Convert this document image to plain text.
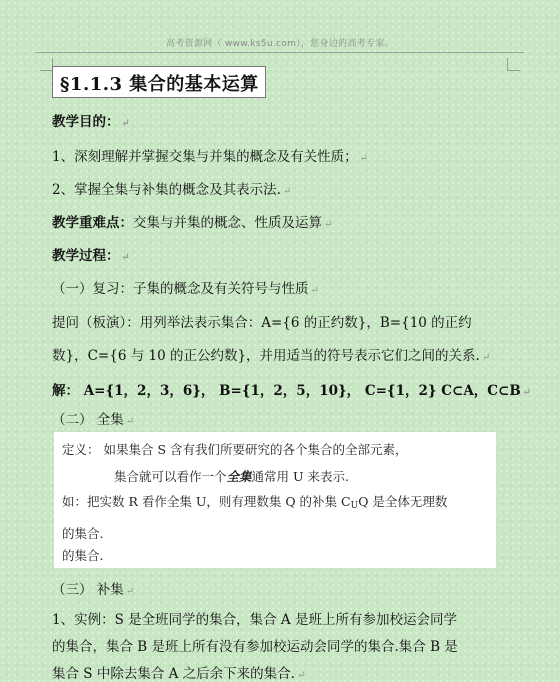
高考资源网（ www.ks5u.com），您身边的高考专家。
§1.1.3 集合的基本运算
教学目的： ↵
1、深刻理解并掌握交集与并集的概念及有关性质； ↵
2、掌握全集与补集的概念及其表示法. ↵
教学重难点：交集与并集的概念、性质及运算 ↵
教学过程： ↵
（一）复习：子集的概念及有关符号与性质 ↵
提问（板演）：用列举法表示集合：A={6 的正约数}，B={10 的正约
数}，C={6 与 10 的正公约数}，并用适当的符号表示它们之间的关系. ↵
解： A={1，2，3，6}， B={1，2，5，10}， C={1，2} C⊂A，C⊂B ↵
（二） 全集 ↵
定义： 如果集合 S 含有我们所要研究的各个集合的全部元素，
集合就可以看作一个全集通常用 U 来表示.
如：把实数 R 看作全集 U，则有理数集 Q 的补集 $C_UQ$ 是全体无理数
的集合.
的集合.
（三） 补集 ↵
1、实例：S 是全班同学的集合，集合 A 是班上所有参加校运会同学
的集合，集合 B 是班上所有没有参加校运动会同学的集合.集合 B 是
集合 S 中除去集合 A 之后余下来的集合. ↵
